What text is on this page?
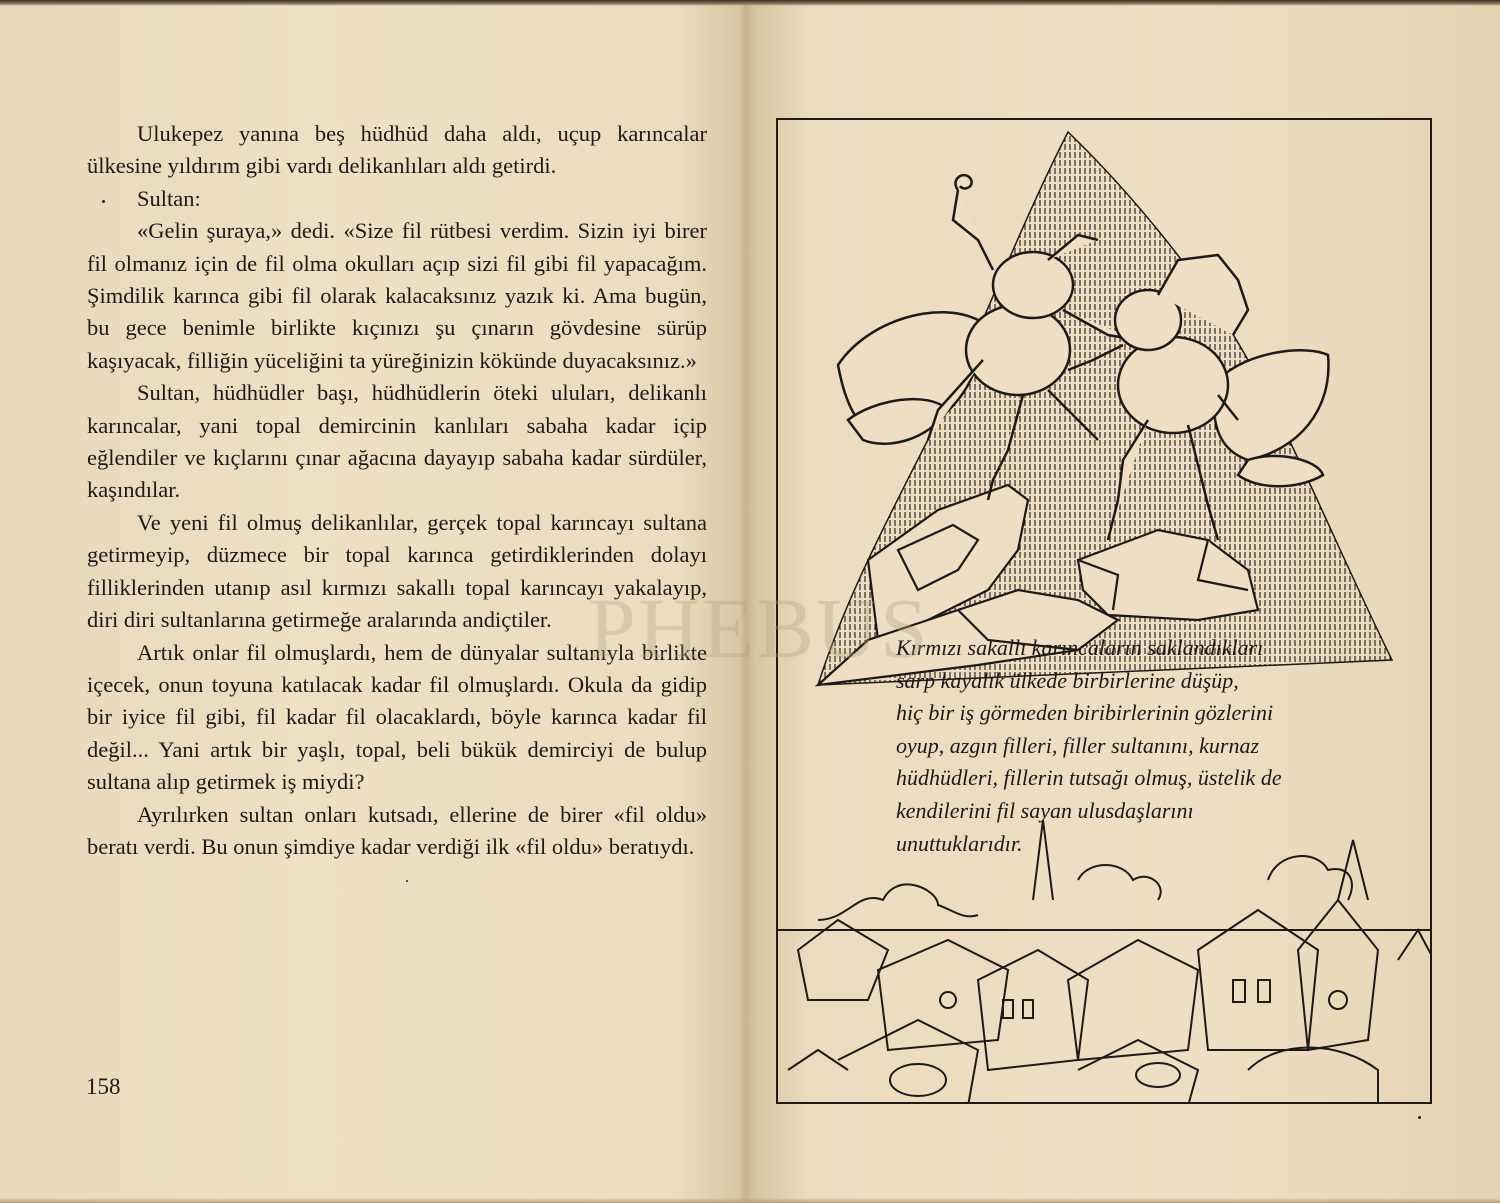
Ulukepez yanına beş hüdhüd daha aldı, uçup karıncalar ülkesine yıldırım gibi vardı delikanlıları aldı getirdi.

Sultan:

«Gelin şuraya,» dedi. «Size fil rütbesi verdim. Sizin iyi birer fil olmanız için de fil olma okulları açıp sizi fil gibi fil yapacağım. Şimdilik karınca gibi fil olarak kalacaksınız yazık ki. Ama bugün, bu gece benimle birlikte kıçınızı şu çınarın gövdesine sürüp kaşıyacak, filliğin yüceliğini ta yüreğinizin kökünde duyacaksınız.»

Sultan, hüdhüdler başı, hüdhüdlerin öteki uluları, delikanlı karıncalar, yani topal demircinin kanlıları sabaha kadar içip eğlendiler ve kıçlarını çınar ağacına dayayıp sabaha kadar sürdüler, kaşındılar.

Ve yeni fil olmuş delikanlılar, gerçek topal karıncayı sultana getirmeyip, düzmece bir topal karınca getirdiklerinden dolayı filliklerinden utanıp asıl kırmızı sakallı topal karıncayı yakalayıp, diri diri sultanlarına getirmeğe aralarında andiçtiler.

Artık onlar fil olmuşlardı, hem de dünyalar sultanıyla birlikte içecek, onun toyuna katılacak kadar fil olmuşlardı. Okula da gidip bir iyice fil gibi, fil kadar fil olacaklardı, böyle karınca kadar fil değil... Yani artık bir yaşlı, topal, beli bükük demirciyi de bulup sultana alıp getirmek iş miydi?

Ayrılırken sultan onları kutsadı, ellerine de birer «fil oldu» beratı verdi. Bu onun şimdiye kadar verdiği ilk «fil oldu» beratıydı.

158
Kırmızı sakallı karıncaların saklandıkları
sarp kayalık ülkede birbirlerine düşüp,
hiç bir iş görmeden biribirlerinin gözlerini
oyup, azgın filleri, filler sultanını, kurnaz
hüdhüdleri, fillerin tutsağı olmuş, üstelik de
kendilerini fil sayan ulusdaşlarını
unuttuklarıdır.
PHEBUS
